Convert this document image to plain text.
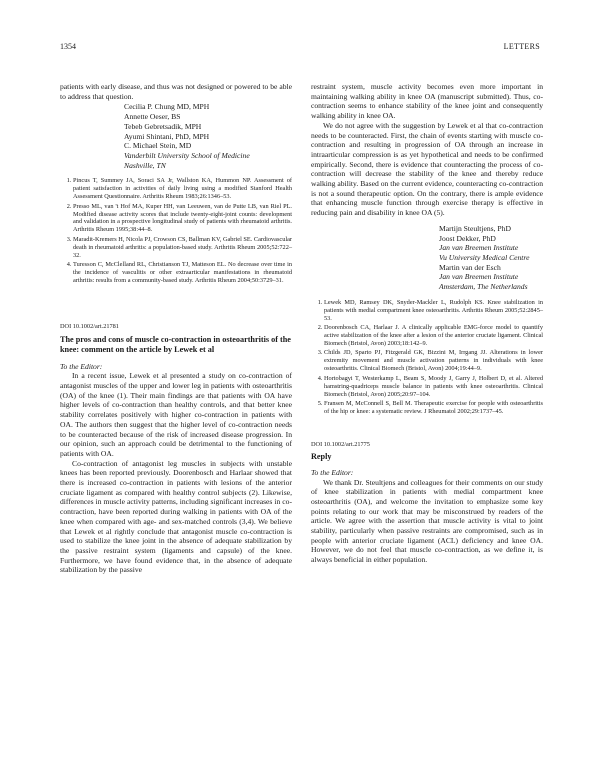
1354	LETTERS

patients with early disease, and thus was not designed or powered to be able to address that question.

Cecilia P. Chung MD, MPH
Annette Oeser, BS
Tebeb Gebretsadik, MPH
Ayumi Shintani, PhD, MPH
C. Michael Stein, MD
Vanderbilt University School of Medicine
Nashville, TN
1. Pincus T, Summey JA, Soraci SA Jr, Wallston KA, Hummon NP. Assessment of patient satisfaction in activities of daily living using a modified Stanford Health Assessment Questionnaire. Arthritis Rheum 1983;26:1346–53.
2. Pressо ML, van 't Hof MA, Kuper HH, van Leeuwen, van de Putte LB, van Riel PL. Modified disease activity scores that include twenty-eight-joint counts: development and validation in a prospective longitudinal study of patients with rheumatoid arthritis. Arthritis Rheum 1995;38:44–8.
3. Maradit-Kremers H, Nicola PJ, Crowson CS, Ballman KV, Gabriel SE. Cardiovascular death in rheumatoid arthritis: a population-based study. Arthritis Rheum 2005;52:722–32.
4. Turesson C, McClelland RL, Christianson TJ, Matteson EL. No decrease over time in the incidence of vasculitis or other extraarticular manifestations in rheumatoid arthritis: results from a community-based study. Arthritis Rheum 2004;50:3729–31.
DOI 10.1002/art.21781
The pros and cons of muscle co-contraction in osteoarthritis of the knee: comment on the article by Lewek et al
To the Editor:

In a recent issue, Lewek et al presented a study on co-contraction of antagonist muscles of the upper and lower leg in patients with osteoarthritis (OA) of the knee (1). Their main findings are that patients with OA have higher levels of co-contraction than healthy controls, and that better knee stability correlates positively with higher co-contraction in patients with OA. The authors then suggest that the higher level of co-contraction needs to be counteracted because of the risk of increased disease progression. In our opinion, such an approach could be detrimental to the functioning of patients with OA.

Co-contraction of antagonist leg muscles in subjects with unstable knees has been reported previously. Doorenbosch and Harlaar showed that there is increased co-contraction in patients with lesions of the anterior cruciate ligament as compared with healthy control subjects (2). Likewise, differences in muscle activity patterns, including significant increases in co-contraction, have been reported during walking in patients with OA of the knee when compared with age- and sex-matched controls (3,4). We believe that Lewek et al rightly conclude that antagonist muscle co-contraction is used to stabilize the knee joint in the absence of adequate stabilization by the passive restraint system (ligaments and capsule) of the knee. Furthermore, we have found evidence that, in the absence of adequate stabilization by the passive

restraint system, muscle activity becomes even more important in maintaining walking ability in knee OA (manuscript submitted). Thus, co-contraction seems to enhance stability of the knee joint and consequently walking ability in knee OA.

We do not agree with the suggestion by Lewek et al that co-contraction needs to be counteracted. First, the chain of events starting with muscle co-contraction and resulting in progression of OA through an increase in intraarticular compression is as yet hypothetical and needs to be confirmed empirically. Second, there is evidence that counteracting the process of co-contraction will decrease the stability of the knee and thereby reduce walking ability. Based on the current evidence, counteracting co-contraction is not a sound therapeutic option. On the contrary, there is ample evidence that enhancing muscle function through exercise therapy is effective in reducing pain and disability in knee OA (5).

Martijn Steultjens, PhD
Joost Dekker, PhD
Jan van Breemen Institute
Vu University Medical Centre
Martin van der Esch
Jan van Breemen Institute
Amsterdam, The Netherlands
1. Lewek MD, Ramsey DK, Snyder-Mackler L, Rudolph KS. Knee stabilization in patients with medial compartment knee osteoarthritis. Arthritis Rheum 2005;52:2845–53.
2. Doorenbosch CA, Harlaar J. A clinically applicable EMG-force model to quantify active stabilization of the knee after a lesion of the anterior cruciate ligament. Clinical Biomech (Bristol, Avon) 2003;18:142–9.
3. Childs JD, Sparto PJ, Fitzgerald GK, Bizzini M, Irrgang JJ. Alterations in lower extremity movement and muscle activation patterns in individuals with knee osteoarthritis. Clinical Biomech (Bristol, Avon) 2004;19:44–9.
4. Hortobagyi T, Westerkamp L, Beam S, Moody J, Garry J, Holbert D, et al. Altered hamstring-quadriceps muscle balance in patients with knee osteoarthritis. Clinical Biomech (Bristol, Avon) 2005;20:97–104.
5. Fransen M, McConnell S, Bell M. Therapeutic exercise for people with osteoarthritis of the hip or knee: a systematic review. J Rheumatol 2002;29:1737–45.
DOI 10.1002/art.21775
Reply
To the Editor:

We thank Dr. Steultjens and colleagues for their comments on our study of knee stabilization in patients with medial compartment knee osteoarthritis (OA), and welcome the invitation to emphasize some key points relating to our work that may be misconstrued by readers of the article. We agree with the assertion that muscle activity is vital to joint stability, particularly when passive restraints are compromised, such as in people with anterior cruciate ligament (ACL) deficiency and knee OA. However, we do not feel that muscle co-contraction, as we define it, is always beneficial in either population.
